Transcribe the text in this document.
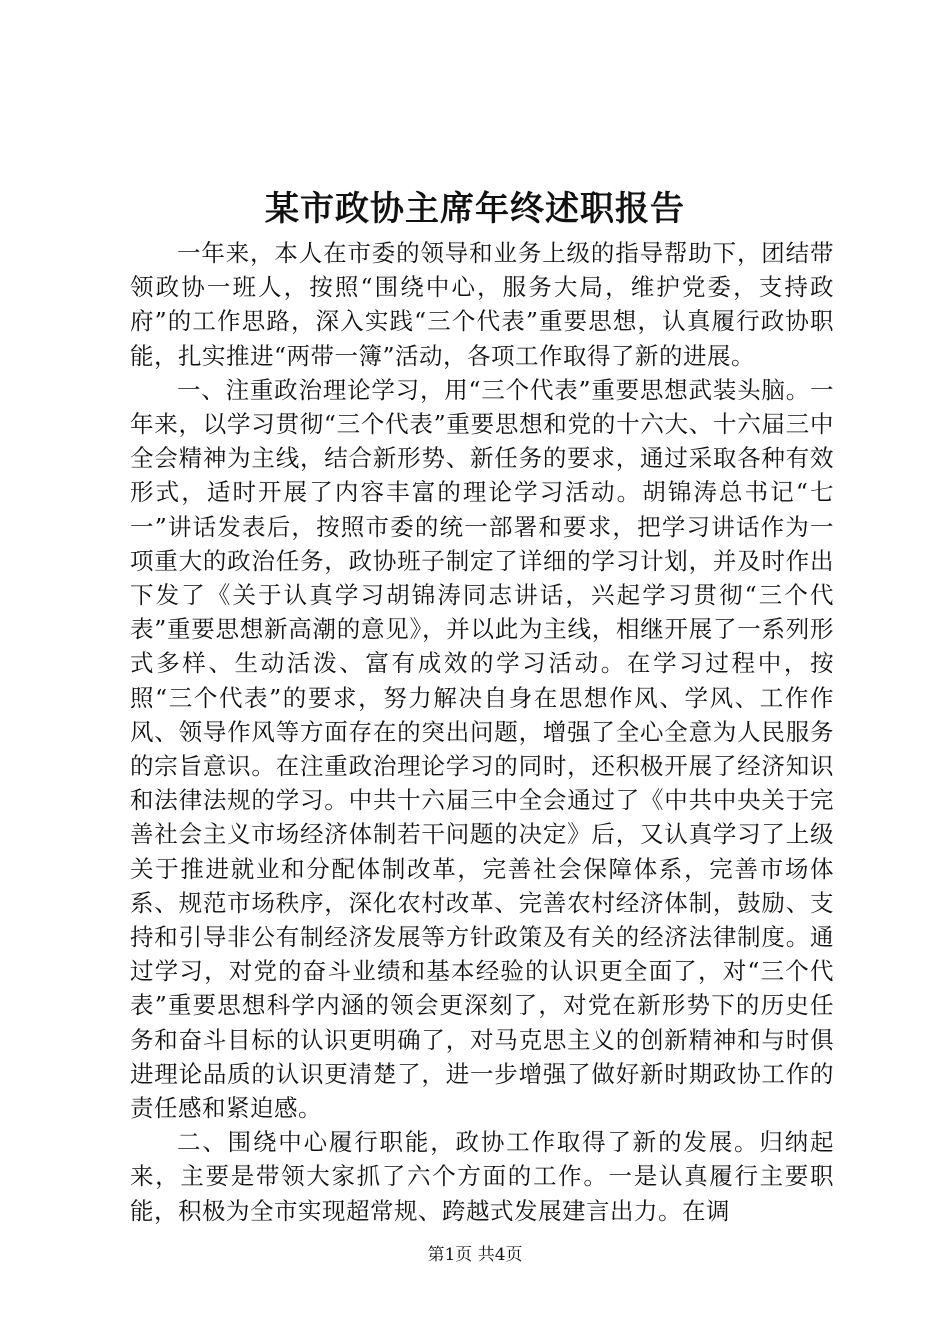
某市政协主席年终述职报告

一年来，本人在市委的领导和业务上级的指导帮助下，团结带领政协一班人，按照“围绕中心，服务大局，维护党委，支持政府”的工作思路，深入实践“三个代表”重要思想，认真履行政协职能，扎实推进“两带一簿”活动，各项工作取得了新的进展。

一、注重政治理论学习，用“三个代表”重要思想武装头脑。一年来，以学习贯彻“三个代表”重要思想和党的十六大、十六届三中全会精神为主线，结合新形势、新任务的要求，通过采取各种有效形式，适时开展了内容丰富的理论学习活动。胡锦涛总书记“七一”讲话发表后，按照市委的统一部署和要求，把学习讲话作为一项重大的政治任务，政协班子制定了详细的学习计划，并及时作出下发了《关于认真学习胡锦涛同志讲话，兴起学习贯彻“三个代表”重要思想新高潮的意见》，并以此为主线，相继开展了一系列形式多样、生动活泼、富有成效的学习活动。在学习过程中，按照“三个代表”的要求，努力解决自身在思想作风、学风、工作作风、领导作风等方面存在的突出问题，增强了全心全意为人民服务的宗旨意识。在注重政治理论学习的同时，还积极开展了经济知识和法律法规的学习。中共十六届三中全会通过了《中共中央关于完善社会主义市场经济体制若干问题的决定》后，又认真学习了上级关于推进就业和分配体制改革，完善社会保障体系，完善市场体系、规范市场秩序，深化农村改革、完善农村经济体制，鼓励、支持和引导非公有制经济发展等方针政策及有关的经济法律制度。通过学习，对党的奋斗业绩和基本经验的认识更全面了，对“三个代表”重要思想科学内涵的领会更深刻了，对党在新形势下的历史任务和奋斗目标的认识更明确了，对马克思主义的创新精神和与时俱进理论品质的认识更清楚了，进一步增强了做好新时期政协工作的责任感和紧迫感。

二、围绕中心履行职能，政协工作取得了新的发展。归纳起来，主要是带领大家抓了六个方面的工作。一是认真履行主要职能，积极为全市实现超常规、跨越式发展建言出力。在调

第1页 共4页
